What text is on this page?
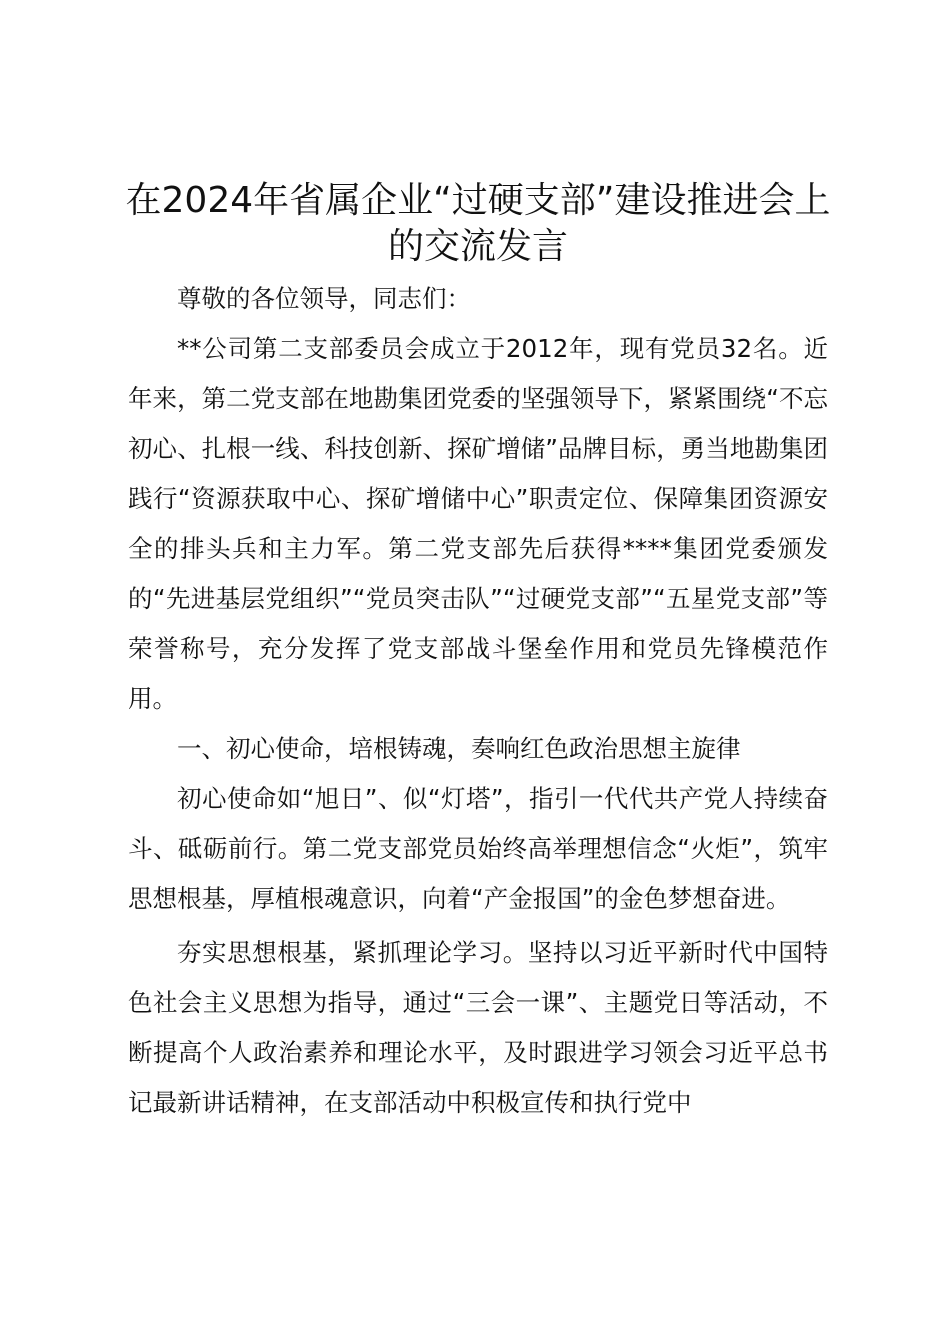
在2024年省属企业“过硬支部”建设推进会上的交流发言

尊敬的各位领导，同志们：

**公司第二支部委员会成立于2012年，现有党员32名。近年来，第二党支部在地勘集团党委的坚强领导下，紧紧围绕“不忘初心、扎根一线、科技创新、探矿增储”品牌目标，勇当地勘集团践行“资源获取中心、探矿增储中心”职责定位、保障集团资源安全的排头兵和主力军。第二党支部先后获得****集团党委颁发的“先进基层党组织”“党员突击队”“过硬党支部”“五星党支部”等荣誉称号，充分发挥了党支部战斗堡垒作用和党员先锋模范作用。

一、初心使命，培根铸魂，奏响红色政治思想主旋律

初心使命如“旭日”、似“灯塔”，指引一代代共产党人持续奋斗、砥砺前行。第二党支部党员始终高举理想信念“火炬”，筑牢思想根基，厚植根魂意识，向着“产金报国”的金色梦想奋进。

夯实思想根基，紧抓理论学习。坚持以习近平新时代中国特色社会主义思想为指导，通过“三会一课”、主题党日等活动，不断提高个人政治素养和理论水平，及时跟进学习领会习近平总书记最新讲话精神，在支部活动中积极宣传和执行党中
